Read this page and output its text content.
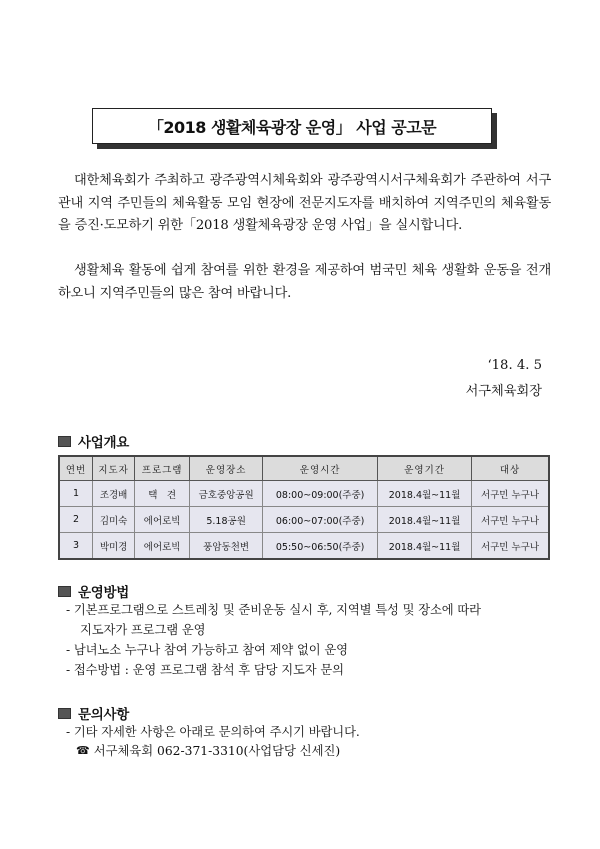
「2018 생활체육광장 운영」 사업 공고문
대한체육회가 주최하고 광주광역시체육회와 광주광역시서구체육회가 주관하여 서구관내 지역 주민들의 체육활동 모임 현장에 전문지도자를 배치하여 지역주민의 체육활동을 증진·도모하기 위한「2018 생활체육광장 운영 사업」을 실시합니다.
생활체육 활동에 쉽게 참여를 위한 환경을 제공하여 범국민 체육 생활화 운동을 전개하오니 지역주민들의 많은 참여 바랍니다.
‘18. 4. 5
서구체육회장
사업개요
연번	지도자	프로그램	운영장소	운영시간	운영기간	대상
1	조경배	택　견	금호중앙공원	08:00~09:00(주중)	2018.4월~11월	서구민 누구나
2	김미숙	에어로빅	5.18공원	06:00~07:00(주중)	2018.4월~11월	서구민 누구나
3	박미경	에어로빅	풍암동천변	05:50~06:50(주중)	2018.4월~11월	서구민 누구나
운영방법
- 기본프로그램으로 스트레칭 및 준비운동 실시 후, 지역별 특성 및 장소에 따라
지도자가 프로그램 운영
- 남녀노소 누구나 참여 가능하고 참여 제약 없이 운영
- 접수방법 : 운영 프로그램 참석 후 담당 지도자 문의
문의사항
- 기타 자세한 사항은 아래로 문의하여 주시기 바랍니다.
☎ 서구체육회 062-371-3310(사업담당 신세진)
